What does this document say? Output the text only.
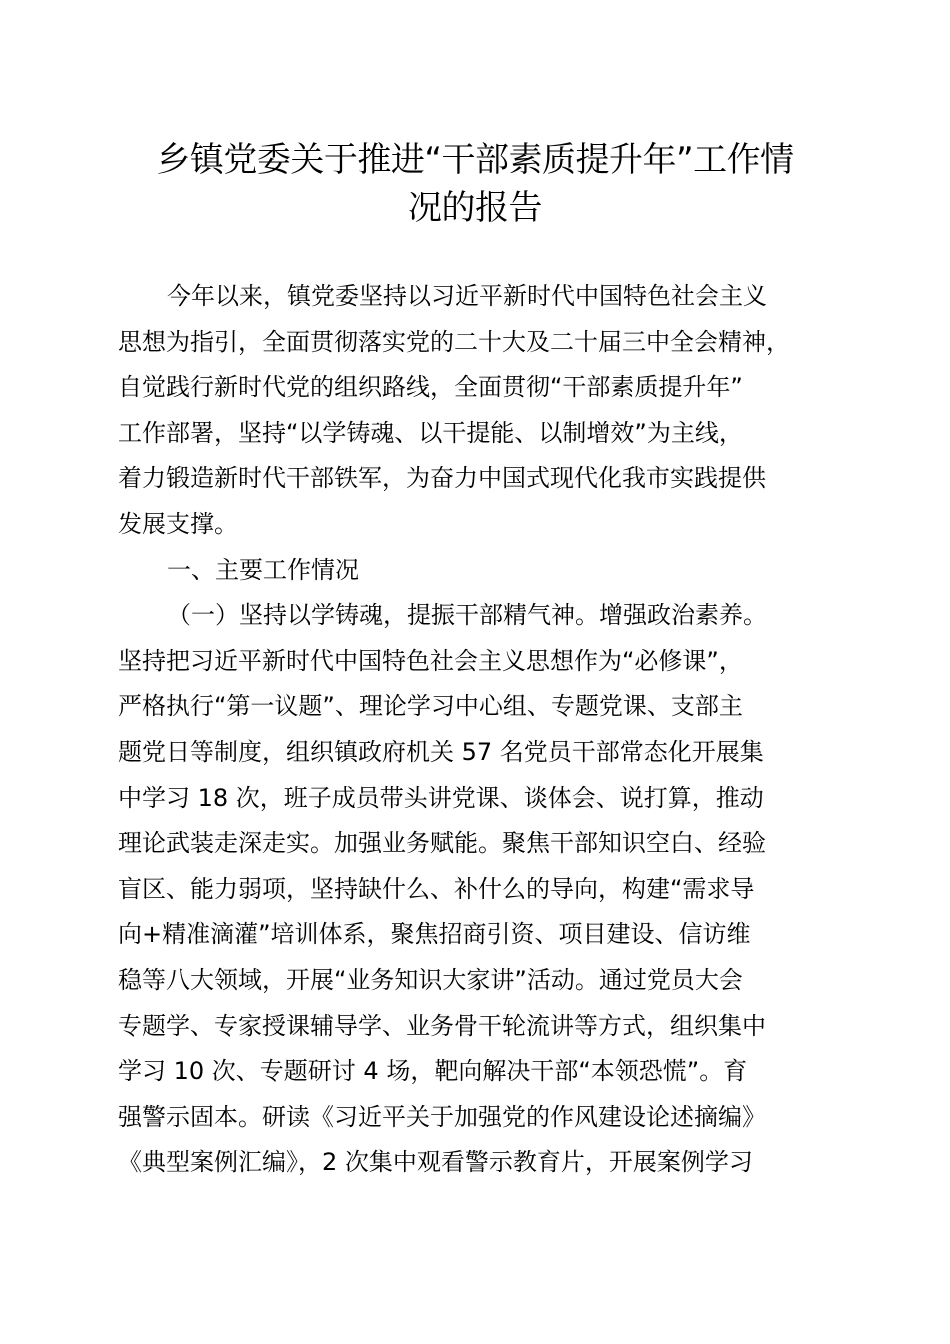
乡镇党委关于推进“干部素质提升年”工作情
况的报告
今年以来，镇党委坚持以习近平新时代中国特色社会主义
思想为指引，全面贯彻落实党的二十大及二十届三中全会精神，
自觉践行新时代党的组织路线，全面贯彻“干部素质提升年”
工作部署，坚持“以学铸魂、以干提能、以制增效”为主线，
着力锻造新时代干部铁军，为奋力中国式现代化我市实践提供
发展支撑。
一、主要工作情况
（一）坚持以学铸魂，提振干部精气神。增强政治素养。
坚持把习近平新时代中国特色社会主义思想作为“必修课”，
严格执行“第一议题”、理论学习中心组、专题党课、支部主
题党日等制度，组织镇政府机关 57 名党员干部常态化开展集
中学习 18 次，班子成员带头讲党课、谈体会、说打算，推动
理论武装走深走实。加强业务赋能。聚焦干部知识空白、经验
盲区、能力弱项，坚持缺什么、补什么的导向，构建“需求导
向+精准滴灌”培训体系，聚焦招商引资、项目建设、信访维
稳等八大领域，开展“业务知识大家讲”活动。通过党员大会
专题学、专家授课辅导学、业务骨干轮流讲等方式，组织集中
学习 10 次、专题研讨 4 场，靶向解决干部“本领恐慌”。育
强警示固本。研读《习近平关于加强党的作风建设论述摘编》
《典型案例汇编》，2 次集中观看警示教育片，开展案例学习
